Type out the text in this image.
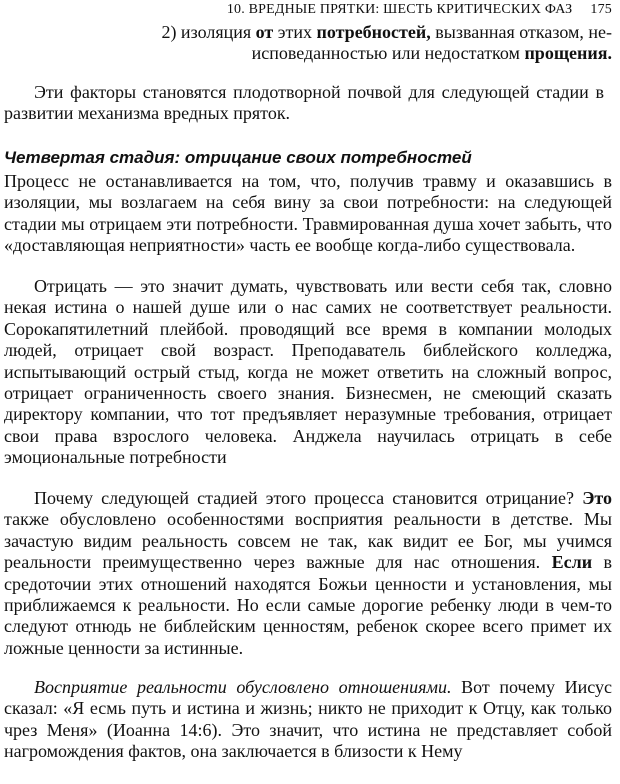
10. ВРЕДНЫЕ ПРЯТКИ: ШЕСТЬ КРИТИЧЕСКИХ ФАЗ 175
2) изоляция от этих потребностей, вызванная отказом, не-исповеданностью или недостатком прощения.

Эти факторы становятся плодотворной почвой для следующей стадии в развитии механизма вредных пряток.

Четвертая стадия: отрицание своих потребностей

Процесс не останавливается на том, что, получив травму и оказавшись в изоляции, мы возлагаем на себя вину за свои потребности: на следующей стадии мы отрицаем эти потребности. Травмированная душа хочет забыть, что «доставляющая неприятности» часть ее вообще когда-либо существовала.

Отрицать — это значит думать, чувствовать или вести себя так, словно некая истина о нашей душе или о нас самих не соответствует реальности. Сорокапятилетний плейбой. проводящий все время в компании молодых людей, отрицает свой возраст. Преподаватель библейского колледжа, испытывающий острый стыд, когда не может ответить на сложный вопрос, отрицает ограниченность своего знания. Бизнесмен, не смеющий сказать директору компании, что тот предъявляет неразумные требования, отрицает свои права взрослого человека. Анджела научилась отрицать в себе эмоциональные потребности

Почему следующей стадией этого процесса становится отрицание? Это также обусловлено особенностями восприятия реальности в детстве. Мы зачастую видим реальность совсем не так, как видит ее Бог, мы учимся реальности преимущественно через важные для нас отношения. Если в средоточии этих отношений находятся Божьи ценности и установления, мы приближаемся к реальности. Но если самые дорогие ребенку люди в чем-то следуют отнюдь не библейским ценностям, ребенок скорее всего примет их ложные ценности за истинные.

Восприятие реальности обусловлено отношениями. Вот почему Иисус сказал: «Я есмь путь и истина и жизнь; никто не приходит к Отцу, как только чрез Меня» (Иоанна 14:6). Это значит, что истина не представляет собой нагромождения фактов, она заключается в близости к Нему
